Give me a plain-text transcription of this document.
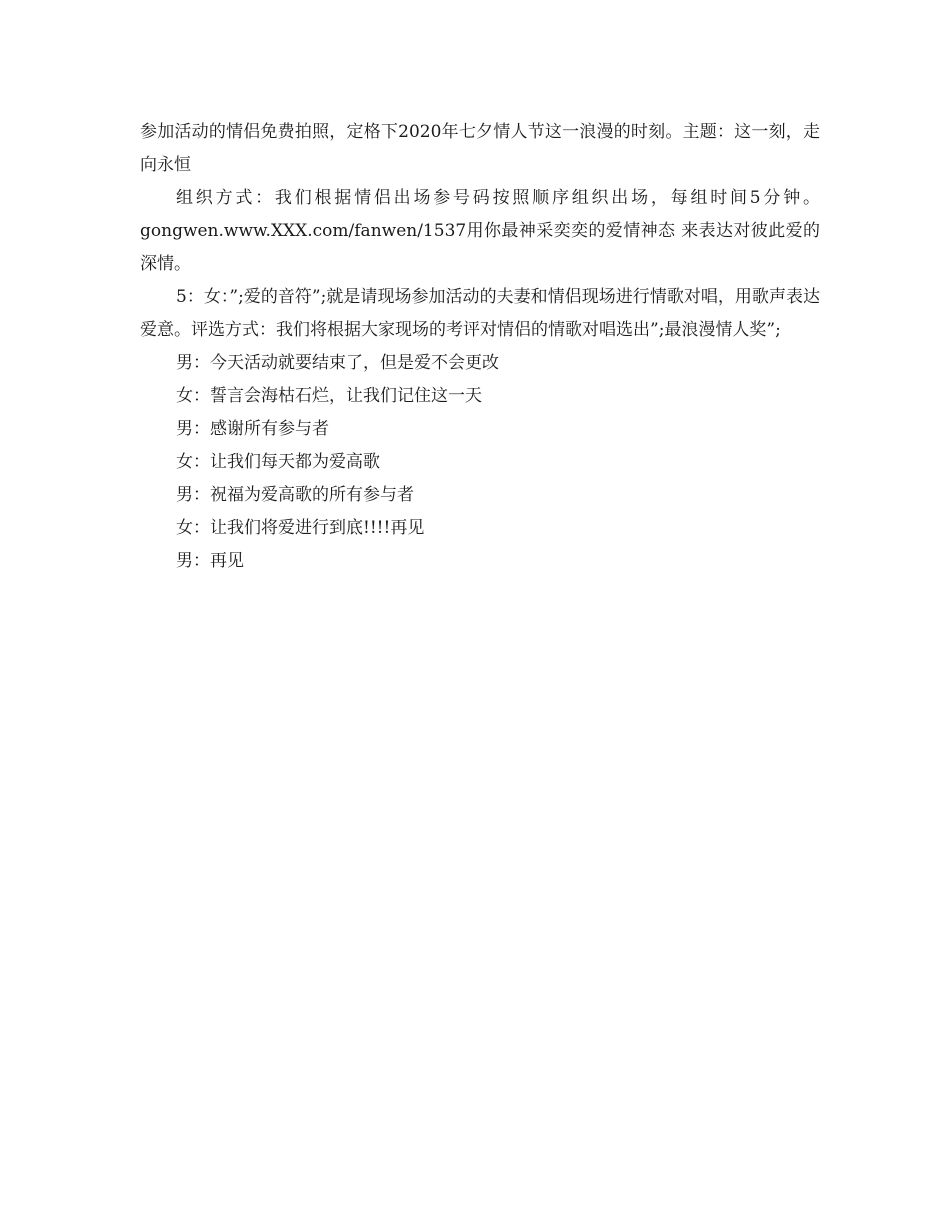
参加活动的情侣免费拍照，定格下2020年七夕情人节这一浪漫的时刻。主题：这一刻，走向永恒

组织方式：我们根据情侣出场参号码按照顺序组织出场，每组时间5分钟。gongwen.www.XXX.com/fanwen/1537用你最神采奕奕的爱情神态 来表达对彼此爱的深情。

5：女：”;爱的音符”;就是请现场参加活动的夫妻和情侣现场进行情歌对唱，用歌声表达爱意。评选方式：我们将根据大家现场的考评对情侣的情歌对唱选出”;最浪漫情人奖”;

男：今天活动就要结束了，但是爱不会更改

女：誓言会海枯石烂，让我们记住这一天

男：感谢所有参与者

女：让我们每天都为爱高歌

男：祝福为爱高歌的所有参与者

女：让我们将爱进行到底!!!!再见

男：再见
